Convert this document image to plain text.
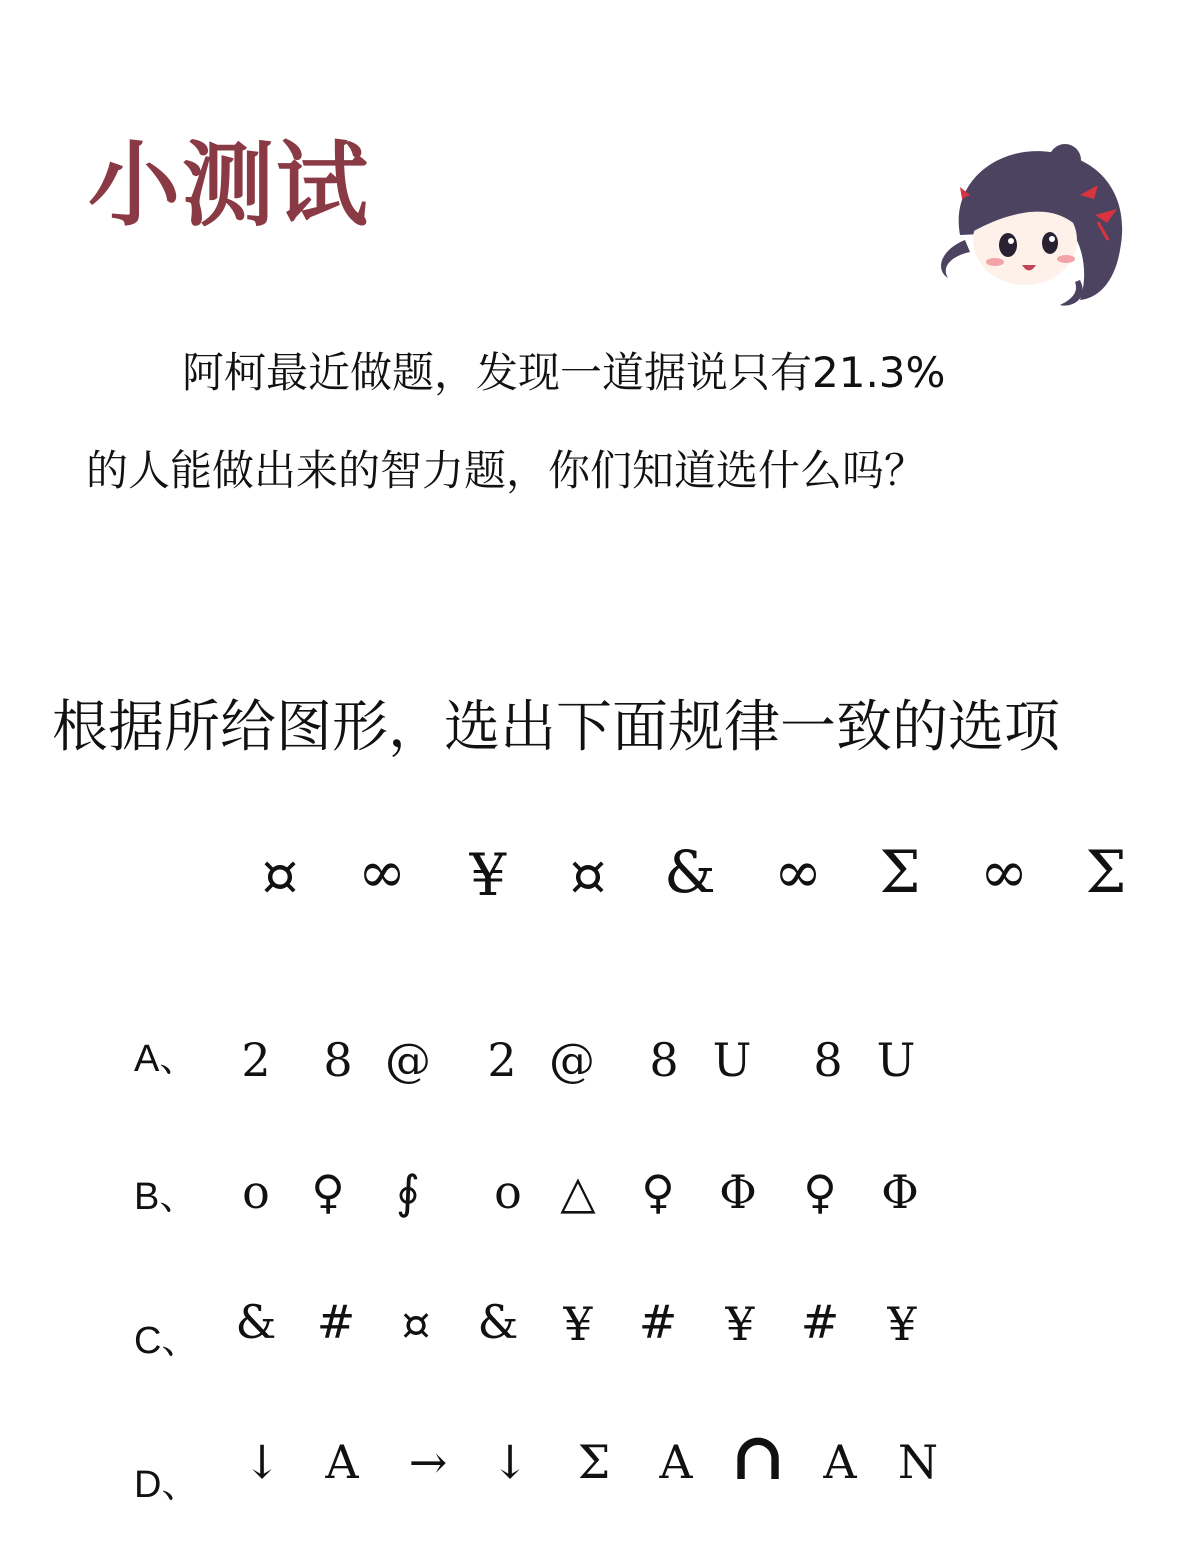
小测试
阿柯最近做题，发现一道据说只有21.3%
的人能做出来的智力题，你们知道选什么吗？
根据所给图形，选出下面规律一致的选项
¤ ∞ ¥ ¤ & ∞ Σ ∞ Σ
A、 2 8 @ 2 @ 8 U 8 U
B、 o ♀ ∮ o △ ♀ Φ ♀ Φ
C、 & # ¤ & ¥ # ¥ # ¥
D、 ↓ A → ↓ Σ A ∩ A N
